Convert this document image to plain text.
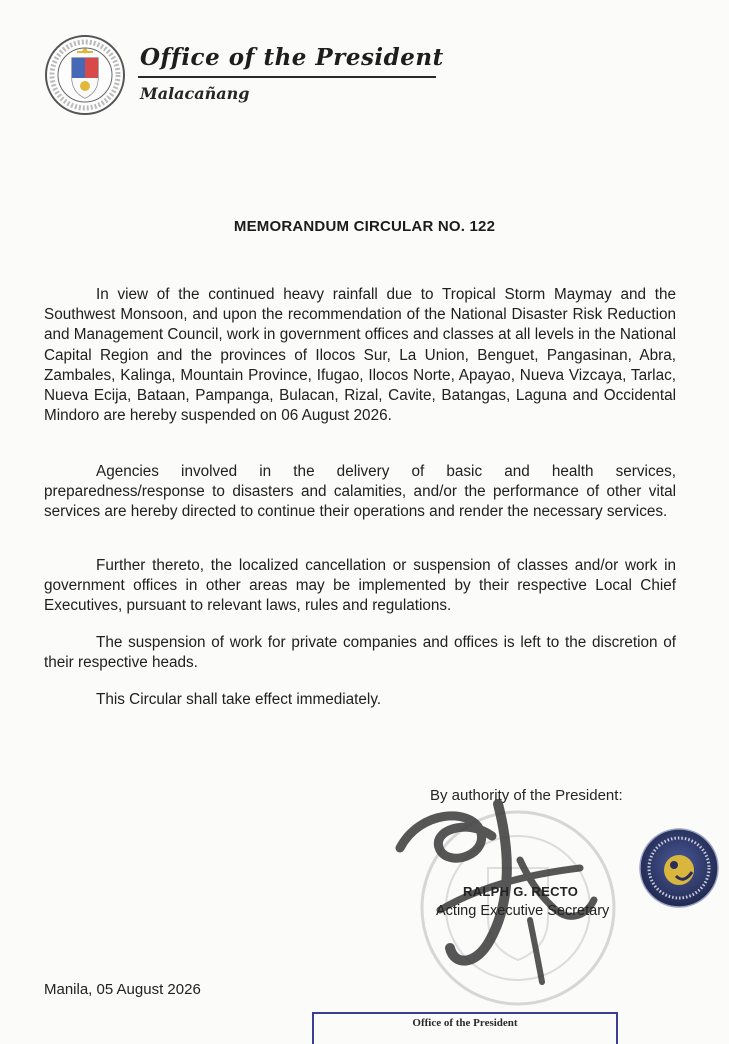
Office of the President
Malacañang
MEMORANDUM CIRCULAR NO. 122

In view of the continued heavy rainfall due to Tropical Storm Maymay and the Southwest Monsoon, and upon the recommendation of the National Disaster Risk Reduction and Management Council, work in government offices and classes at all levels in the National Capital Region and the provinces of Ilocos Sur, La Union, Benguet, Pangasinan, Abra, Zambales, Kalinga, Mountain Province, Ifugao, Ilocos Norte, Apayao, Nueva Vizcaya, Tarlac, Nueva Ecija, Bataan, Pampanga, Bulacan, Rizal, Cavite, Batangas, Laguna and Occidental Mindoro are hereby suspended on 06 August 2026.

Agencies involved in the delivery of basic and health services, preparedness/response to disasters and calamities, and/or the performance of other vital services are hereby directed to continue their operations and render the necessary services.

Further thereto, the localized cancellation or suspension of classes and/or work in government offices in other areas may be implemented by their respective Local Chief Executives, pursuant to relevant laws, rules and regulations.

The suspension of work for private companies and offices is left to the discretion of their respective heads.

This Circular shall take effect immediately.

By authority of the President:
RALPH G. RECTO
Acting Executive Secretary
Manila, 05 August 2026
Office of the President
